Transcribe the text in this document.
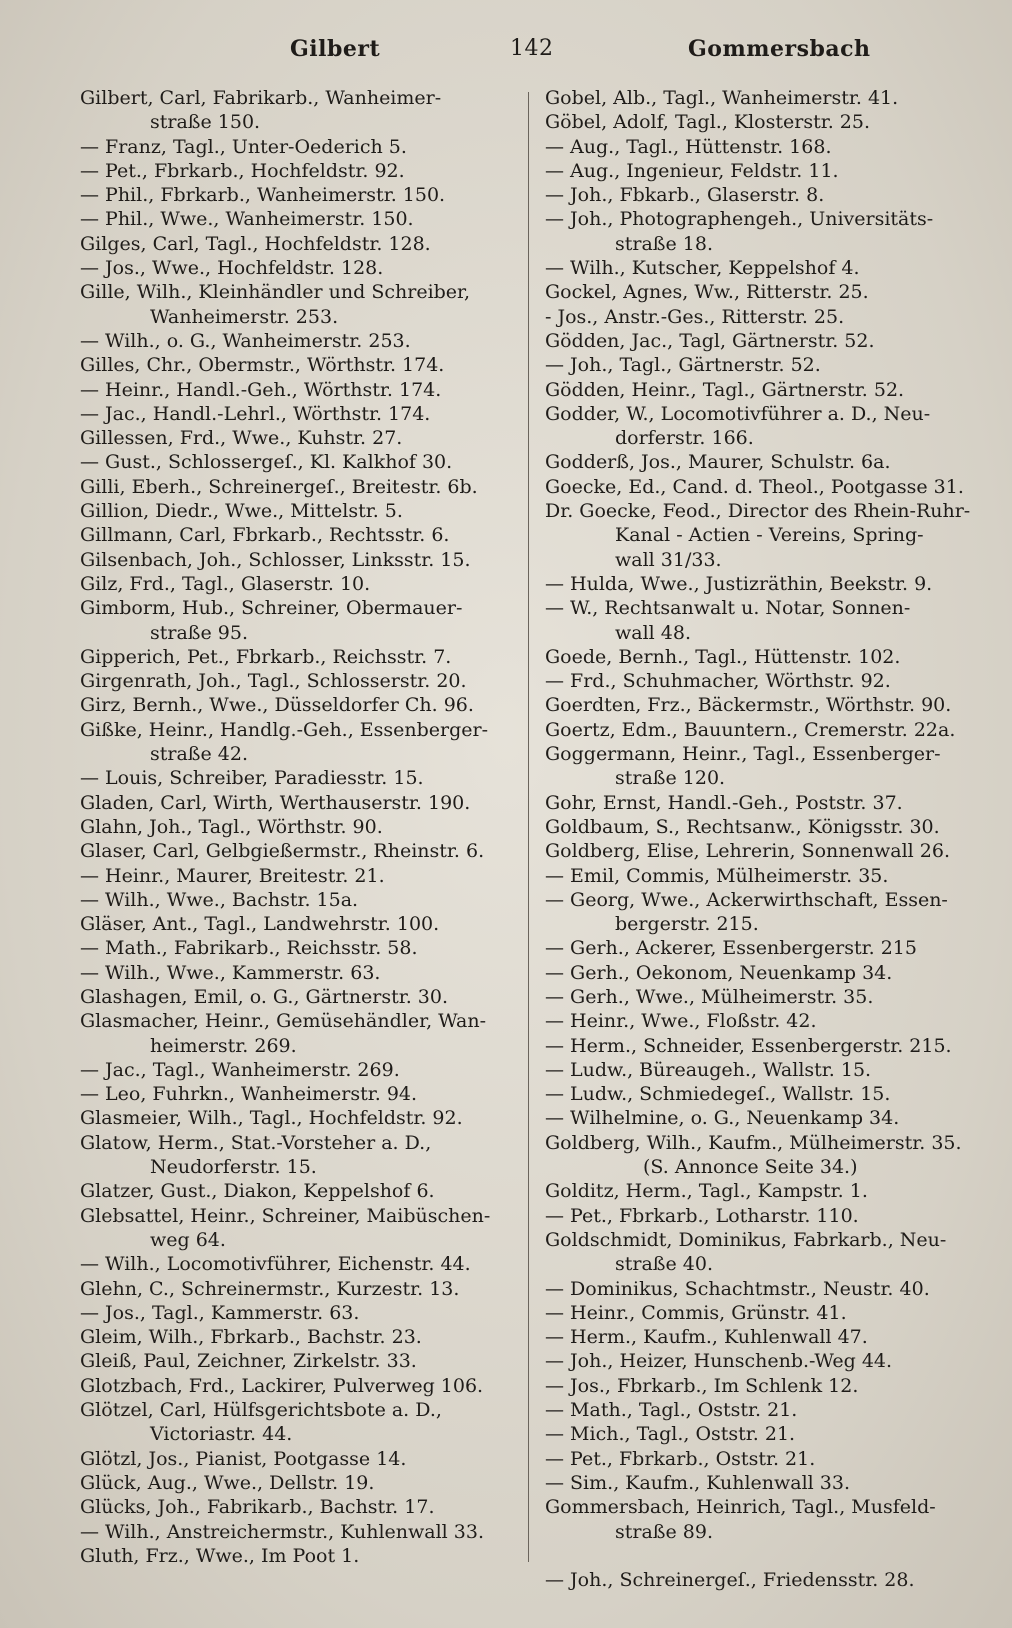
Gilbert	142	Gommersbach
Gilbert, Carl, Fabrikarb., Wanheimer-
straße 150.
— Franz, Tagl., Unter-Oederich 5.
— Pet., Fbrkarb., Hochfeldstr. 92.
— Phil., Fbrkarb., Wanheimerstr. 150.
— Phil., Wwe., Wanheimerstr. 150.
Gilges, Carl, Tagl., Hochfeldstr. 128.
— Jos., Wwe., Hochfeldstr. 128.
Gille, Wilh., Kleinhändler und Schreiber,
Wanheimerstr. 253.
— Wilh., o. G., Wanheimerstr. 253.
Gilles, Chr., Obermstr., Wörthstr. 174.
— Heinr., Handl.-Geh., Wörthstr. 174.
— Jac., Handl.-Lehrl., Wörthstr. 174.
Gillessen, Frd., Wwe., Kuhstr. 27.
— Gust., Schlossergeſ., Kl. Kalkhof 30.
Gilli, Eberh., Schreinergeſ., Breitestr. 6b.
Gillion, Diedr., Wwe., Mittelstr. 5.
Gillmann, Carl, Fbrkarb., Rechtsstr. 6.
Gilsenbach, Joh., Schlosser, Linksstr. 15.
Gilz, Frd., Tagl., Glaserstr. 10.
Gimborm, Hub., Schreiner, Obermauer-
straße 95.
Gipperich, Pet., Fbrkarb., Reichsstr. 7.
Girgenrath, Joh., Tagl., Schlosserstr. 20.
Girz, Bernh., Wwe., Düsseldorfer Ch. 96.
Gißke, Heinr., Handlg.-Geh., Essenberger-
straße 42.
— Louis, Schreiber, Paradiesstr. 15.
Gladen, Carl, Wirth, Werthauserstr. 190.
Glahn, Joh., Tagl., Wörthstr. 90.
Glaser, Carl, Gelbgießermstr., Rheinstr. 6.
— Heinr., Maurer, Breitestr. 21.
— Wilh., Wwe., Bachstr. 15a.
Gläser, Ant., Tagl., Landwehrstr. 100.
— Math., Fabrikarb., Reichsstr. 58.
— Wilh., Wwe., Kammerstr. 63.
Glashagen, Emil, o. G., Gärtnerstr. 30.
Glasmacher, Heinr., Gemüsehändler, Wan-
heimerstr. 269.
— Jac., Tagl., Wanheimerstr. 269.
— Leo, Fuhrkn., Wanheimerstr. 94.
Glasmeier, Wilh., Tagl., Hochfeldstr. 92.
Glatow, Herm., Stat.-Vorsteher a. D.,
Neudorferstr. 15.
Glatzer, Gust., Diakon, Keppelshof 6.
Glebsattel, Heinr., Schreiner, Maibüschen-
weg 64.
— Wilh., Locomotivführer, Eichenstr. 44.
Glehn, C., Schreinermstr., Kurzestr. 13.
— Jos., Tagl., Kammerstr. 63.
Gleim, Wilh., Fbrkarb., Bachstr. 23.
Gleiß, Paul, Zeichner, Zirkelstr. 33.
Glotzbach, Frd., Lackirer, Pulverweg 106.
Glötzel, Carl, Hülfsgerichtsbote a. D.,
Victoriastr. 44.
Glötzl, Jos., Pianist, Pootgasse 14.
Glück, Aug., Wwe., Dellstr. 19.
Glücks, Joh., Fabrikarb., Bachstr. 17.
— Wilh., Anstreichermstr., Kuhlenwall 33.
Gluth, Frz., Wwe., Im Poot 1.
Gobel, Alb., Tagl., Wanheimerstr. 41.
Göbel, Adolf, Tagl., Klosterstr. 25.
— Aug., Tagl., Hüttenstr. 168.
— Aug., Ingenieur, Feldstr. 11.
— Joh., Fbkarb., Glaserstr. 8.
— Joh., Photographengeh., Universitäts-
straße 18.
— Wilh., Kutscher, Keppelshof 4.
Gockel, Agnes, Ww., Ritterstr. 25.
- Jos., Anstr.-Ges., Ritterstr. 25.
Gödden, Jac., Tagl, Gärtnerstr. 52.
— Joh., Tagl., Gärtnerstr. 52.
Gödden, Heinr., Tagl., Gärtnerstr. 52.
Godder, W., Locomotivführer a. D., Neu-
dorferstr. 166.
Godderß, Jos., Maurer, Schulstr. 6a.
Goecke, Ed., Cand. d. Theol., Pootgasse 31.
Dr. Goecke, Feod., Director des Rhein-Ruhr-
Kanal - Actien - Vereins, Spring-
wall 31/33.
— Hulda, Wwe., Justizräthin, Beekstr. 9.
— W., Rechtsanwalt u. Notar, Sonnen-
wall 48.
Goede, Bernh., Tagl., Hüttenstr. 102.
— Frd., Schuhmacher, Wörthstr. 92.
Goerdten, Frz., Bäckermstr., Wörthstr. 90.
Goertz, Edm., Bauuntern., Cremerstr. 22a.
Goggermann, Heinr., Tagl., Essenberger-
straße 120.
Gohr, Ernst, Handl.-Geh., Poststr. 37.
Goldbaum, S., Rechtsanw., Königsstr. 30.
Goldberg, Elise, Lehrerin, Sonnenwall 26.
— Emil, Commis, Mülheimerstr. 35.
— Georg, Wwe., Ackerwirthschaft, Essen-
bergerstr. 215.
— Gerh., Ackerer, Essenbergerstr. 215
— Gerh., Oekonom, Neuenkamp 34.
— Gerh., Wwe., Mülheimerstr. 35.
— Heinr., Wwe., Floßstr. 42.
— Herm., Schneider, Essenbergerstr. 215.
— Ludw., Büreaugeh., Wallstr. 15.
— Ludw., Schmiedegeſ., Wallstr. 15.
— Wilhelmine, o. G., Neuenkamp 34.
Goldberg, Wilh., Kaufm., Mülheimerstr. 35.
(S. Annonce Seite 34.)
Golditz, Herm., Tagl., Kampstr. 1.
— Pet., Fbrkarb., Lotharstr. 110.
Goldschmidt, Dominikus, Fabrkarb., Neu-
straße 40.
— Dominikus, Schachtmstr., Neustr. 40.
— Heinr., Commis, Grünstr. 41.
— Herm., Kaufm., Kuhlenwall 47.
— Joh., Heizer, Hunschenb.-Weg 44.
— Jos., Fbrkarb., Im Schlenk 12.
— Math., Tagl., Oststr. 21.
— Mich., Tagl., Oststr. 21.
— Pet., Fbrkarb., Oststr. 21.
— Sim., Kaufm., Kuhlenwall 33.
Gommersbach, Heinrich, Tagl., Musfeld-
straße 89.
— Joh., Schreinergeſ., Friedensstr. 28.
